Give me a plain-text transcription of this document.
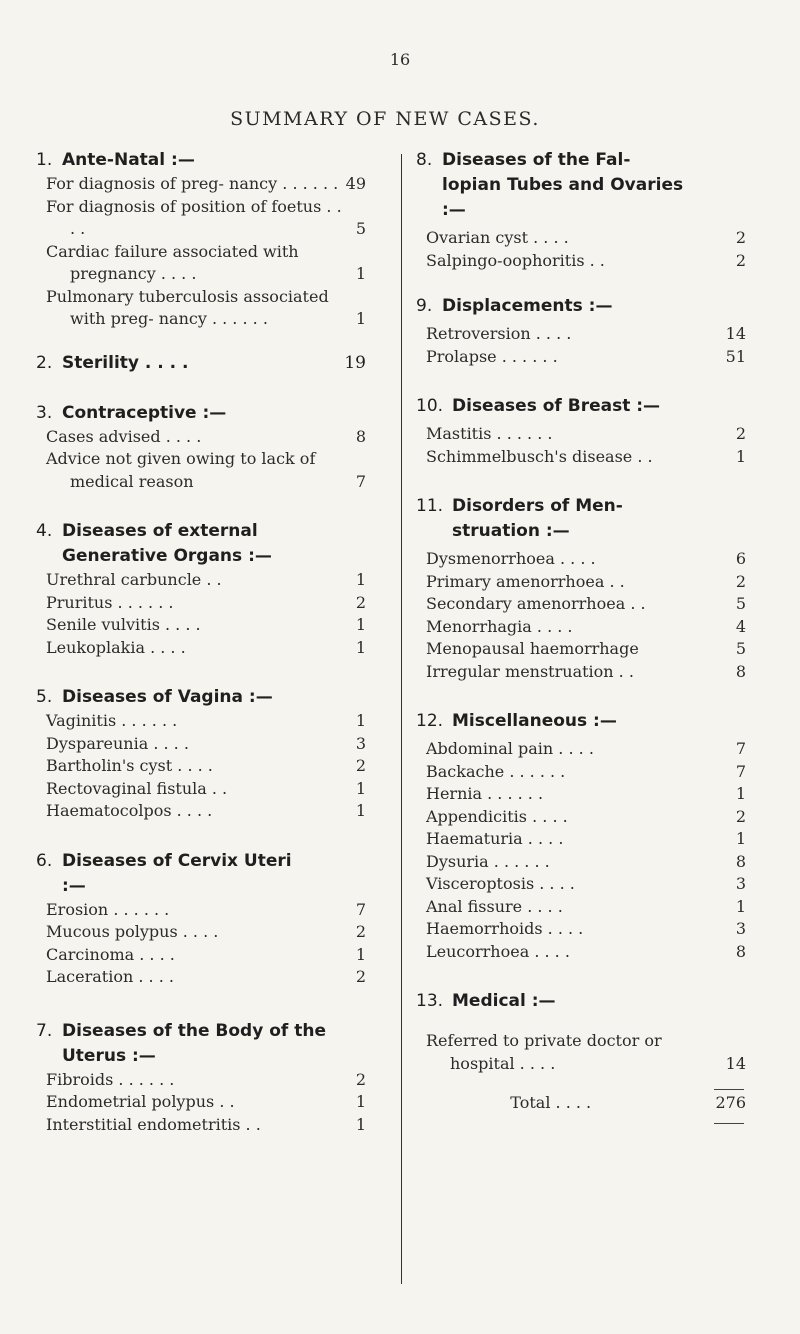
16
SUMMARY OF NEW CASES.
1. Ante-Natal :—
For diagnosis of preg- nancy . . . . . . 49
For diagnosis of position of foetus . . . .	5
Cardiac failure associated with pregnancy . . . .	1
Pulmonary tuberculosis associated with preg- nancy . . . . . .	1
2. Sterility . . . .	19
3. Contraceptive :—
Cases advised . . . .	8
Advice not given owing to lack of medical reason	7
4. Diseases of external Generative Organs :—
Urethral carbuncle . .	1
Pruritus . . . . . .	2
Senile vulvitis . . . .	1
Leukoplakia . . . .	1
5. Diseases of Vagina :—
Vaginitis . . . . . .	1
Dyspareunia . . . .	3
Bartholin's cyst . . . .	2
Rectovaginal fistula . .	1
Haematocolpos . . . .	1
6. Diseases of Cervix Uteri :—
Erosion . . . . . .	7
Mucous polypus . . . .	2
Carcinoma . . . .	1
Laceration . . . .	2
7. Diseases of the Body of the Uterus :—
Fibroids . . . . . .	2
Endometrial polypus . .	1
Interstitial endometritis . .	1
8. Diseases of the Fal- lopian Tubes and Ovaries :—
Ovarian cyst . . . .	2
Salpingo-oophoritis . .	2
9. Displacements :—
Retroversion . . . .	14
Prolapse . . . . . .	51
10. Diseases of Breast :—
Mastitis . . . . . .	2
Schimmelbusch's disease . .	1
11. Disorders of Men- struation :—
Dysmenorrhoea . . . .	6
Primary amenorrhoea . .	2
Secondary amenorrhoea . .	5
Menorrhagia . . . .	4
Menopausal haemorrhage	5
Irregular menstruation . .	8
12. Miscellaneous :—
Abdominal pain . . . .	7
Backache . . . . . .	7
Hernia . . . . . .	1
Appendicitis . . . .	2
Haematuria . . . .	1
Dysuria . . . . . .	8
Visceroptosis . . . .	3
Anal fissure . . . .	1
Haemorrhoids . . . .	3
Leucorrhoea . . . .	8
13. Medical :—
Referred to private doctor or hospital . . . .	14
Total . . . .	276
